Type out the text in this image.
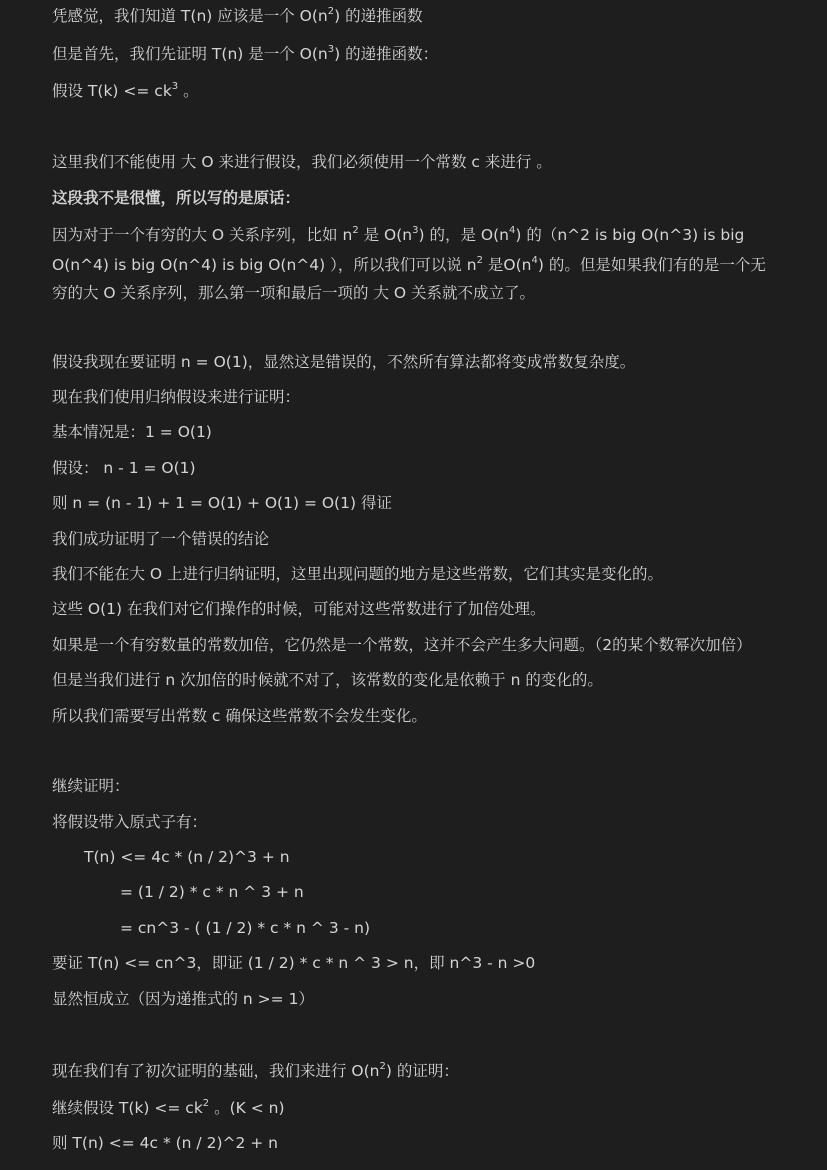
凭感觉，我们知道 T(n) 应该是一个 $O(n^2)$ 的递推函数
但是首先，我们先证明 T(n) 是一个 $O(n^3)$ 的递推函数：
假设 $T(k) <= ck^3$ 。
这里我们不能使用 大 O 来进行假设，我们必须使用一个常数 c 来进行 。
这段我不是很懂，所以写的是原话：
因为对于一个有穷的大 O 关系序列，比如 $n^2$ 是 $O(n^3)$ 的，是 $O(n^4)$ 的（n^2 is big O(n^3) is big
O(n^4) is big O(n^4) is big O(n^4) ），所以我们可以说 $n^2$ 是$O(n^4)$ 的。但是如果我们有的是一个无
穷的大 O 关系序列，那么第一项和最后一项的 大 O 关系就不成立了。
假设我现在要证明 n = O(1)，显然这是错误的，不然所有算法都将变成常数复杂度。
现在我们使用归纳假设来进行证明：
基本情况是：1 = O(1)
假设： n - 1 = O(1)
则 n = (n - 1) + 1 = O(1) + O(1) = O(1) 得证
我们成功证明了一个错误的结论
我们不能在大 O 上进行归纳证明，这里出现问题的地方是这些常数，它们其实是变化的。
这些 O(1) 在我们对它们操作的时候，可能对这些常数进行了加倍处理。
如果是一个有穷数量的常数加倍，它仍然是一个常数，这并不会产生多大问题。（2的某个数幂次加倍）
但是当我们进行 n 次加倍的时候就不对了，该常数的变化是依赖于 n 的变化的。
所以我们需要写出常数 c 确保这些常数不会发生变化。
继续证明：
将假设带入原式子有：
T(n) <= 4c * (n / 2)^3 + n
= (1 / 2) * c * n ^ 3 + n
= cn^3 - ( (1 / 2) * c * n ^ 3 - n)
要证 T(n) <= cn^3，即证 (1 / 2) * c * n ^ 3 > n，即 n^3 - n >0
显然恒成立（因为递推式的 n >= 1）
现在我们有了初次证明的基础，我们来进行 $O(n^2)$ 的证明：
继续假设 $T(k) <= ck^2$ 。(K < n)
则 T(n) <= 4c * (n / 2)^2 + n
